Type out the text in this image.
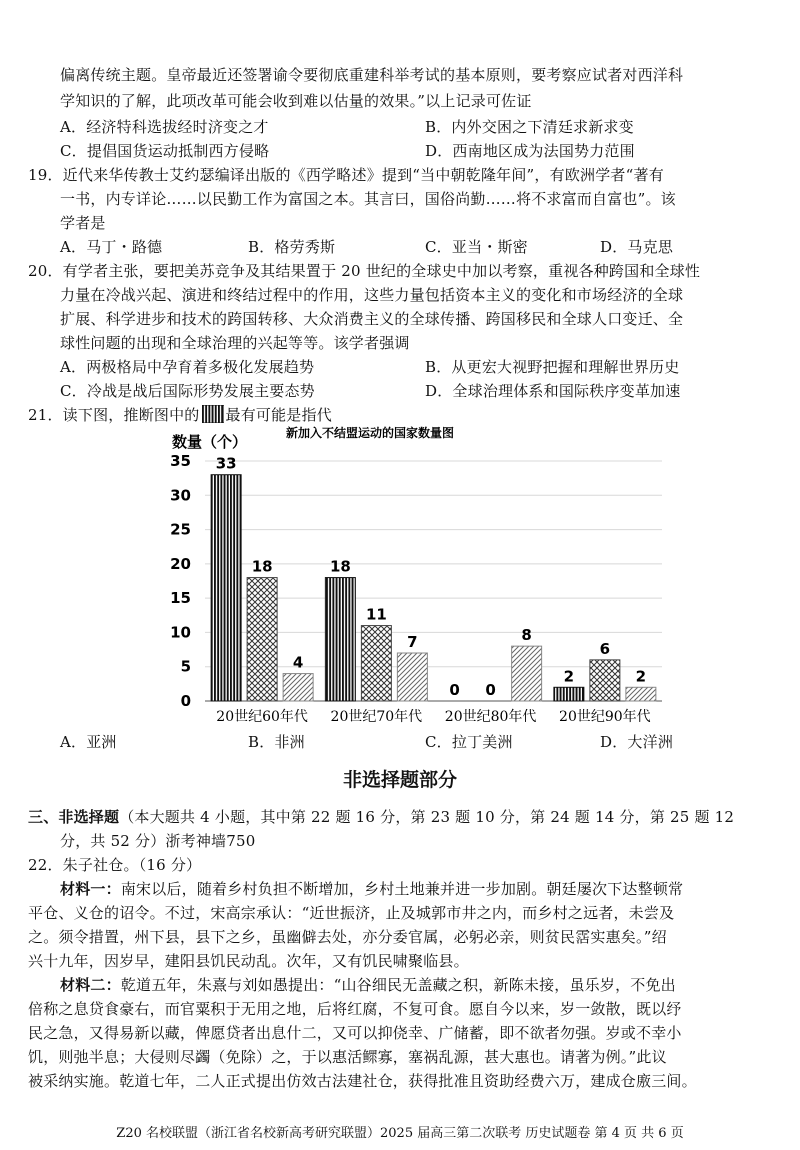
偏离传统主题。皇帝最近还签署谕令要彻底重建科举考试的基本原则，要考察应试者对西洋科
学知识的了解，此项改革可能会收到难以估量的效果。”以上记录可佐证
A．经济特科选拔经时济变之才	B．内外交困之下清廷求新求变
C．提倡国货运动抵制西方侵略	D．西南地区成为法国势力范围
19．近代来华传教士艾约瑟编译出版的《西学略述》提到“当中朝乾隆年间”，有欧洲学者“著有
一书，内专详论……以民勤工作为富国之本。其言曰，国俗尚勤……将不求富而自富也”。该
学者是
A．马丁・路德	B．格劳秀斯	C．亚当・斯密	D．马克思
20．有学者主张，要把美苏竞争及其结果置于 20 世纪的全球史中加以考察，重视各种跨国和全球性
力量在冷战兴起、演进和终结过程中的作用，这些力量包括资本主义的变化和市场经济的全球
扩展、科学进步和技术的跨国转移、大众消费主义的全球传播、跨国移民和全球人口变迁、全
球性问题的出现和全球治理的兴起等等。该学者强调
A．两极格局中孕育着多极化发展趋势	B．从更宏大视野把握和理解世界历史
C．冷战是战后国际形势发展主要态势	D．全球治理体系和国际秩序变革加速
21．读下图，推断图中的 最有可能是指代
0
5
10
15
20
25
30
35
20世纪60年代 20世纪70年代 20世纪80年代 20世纪90年代
33
18
4
18
11
7
0 0
8
2
6
2
新加入不结盟运动的国家数量图
数量（个）
A．亚洲	B．非洲	C．拉丁美洲	D．大洋洲
非选择题部分
三、非选择题（本大题共 4 小题，其中第 22 题 16 分，第 23 题 10 分，第 24 题 14 分，第 25 题 12
分，共 52 分）浙考神墙750
22．朱子社仓。（16 分）
材料一：南宋以后，随着乡村负担不断增加，乡村土地兼并进一步加剧。朝廷屡次下达整顿常
平仓、义仓的诏令。不过，宋高宗承认：“近世振济，止及城郭市井之内，而乡村之远者，未尝及
之。须令措置，州下县，县下之乡，虽幽僻去处，亦分委官属，必躬必亲，则贫民霑实惠矣。”绍
兴十九年，因岁早，建阳县饥民动乱。次年，又有饥民啸聚临县。
材料二：乾道五年，朱熹与刘如愚提出：“山谷细民无盖藏之积，新陈未接，虽乐岁，不免出
倍称之息贷食豪右，而官粟积于无用之地，后将红腐，不复可食。愿自今以来，岁一敛散，既以纾
民之急，又得易新以藏，俾愿贷者出息什二，又可以抑侥幸、广储蓄，即不欲者勿强。岁或不幸小
饥，则弛半息；大侵则尽蠲（免除）之，于以惠活鳏寡，塞祸乱源，甚大惠也。请著为例。”此议
被采纳实施。乾道七年，二人正式提出仿效古法建社仓，获得批准且资助经费六万，建成仓廒三间。
Z20 名校联盟（浙江省名校新高考研究联盟）2025 届高三第二次联考 历史试题卷 第 4 页 共 6 页
